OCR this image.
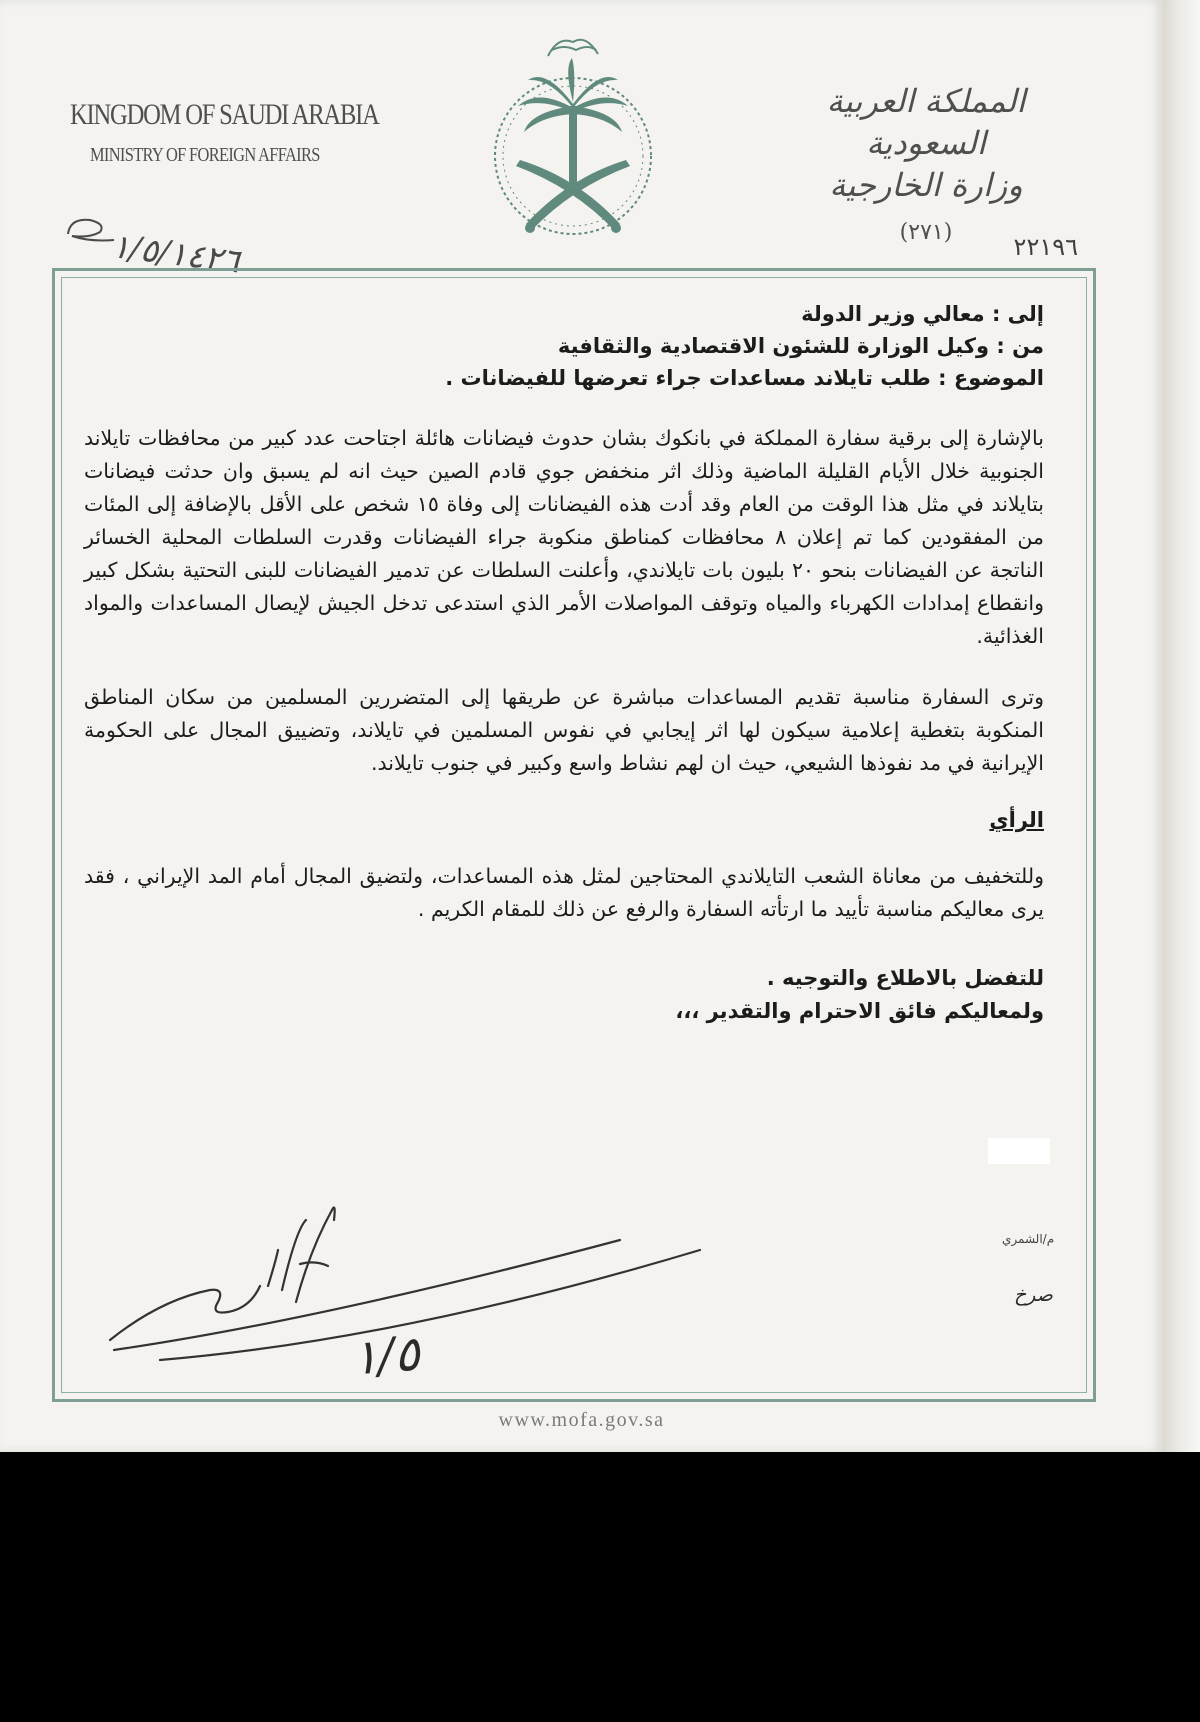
KINGDOM OF SAUDI ARABIA
MINISTRY OF FOREIGN AFFAIRS
المملكة العربية السعودية
وزارة الخارجية
(٢٧١)
٢٢١٩٦
١/٥/١٤٢٦

إلى : معالي وزير الدولة

من : وكيل الوزارة للشئون الاقتصادية والثقافية

الموضوع : طلب تايلاند مساعدات جراء تعرضها للفيضانات .

بالإشارة إلى برقية سفارة المملكة في بانكوك بشان حدوث فيضانات هائلة اجتاحت عدد كبير من محافظات تايلاند الجنوبية خلال الأيام القليلة الماضية وذلك اثر منخفض جوي قادم الصين حيث انه لم يسبق وان حدثت فيضانات بتايلاند في مثل هذا الوقت من العام وقد أدت هذه الفيضانات إلى وفاة ١٥ شخص على الأقل بالإضافة إلى المئات من المفقودين كما تم إعلان ٨ محافظات كمناطق منكوبة جراء الفيضانات وقدرت السلطات المحلية الخسائر الناتجة عن الفيضانات بنحو ٢٠ بليون بات تايلاندي، وأعلنت السلطات عن تدمير الفيضانات للبنى التحتية بشكل كبير وانقطاع إمدادات الكهرباء والمياه وتوقف المواصلات الأمر الذي استدعى تدخل الجيش لإيصال المساعدات والمواد الغذائية.

وترى السفارة مناسبة تقديم المساعدات مباشرة عن طريقها إلى المتضررين المسلمين من سكان المناطق المنكوبة بتغطية إعلامية سيكون لها اثر إيجابي في نفوس المسلمين في تايلاند، وتضييق المجال على الحكومة الإيرانية في مد نفوذها الشيعي، حيث ان لهم نشاط واسع وكبير في جنوب تايلاند.

الرأي

وللتخفيف من معاناة الشعب التايلاندي المحتاجين لمثل هذه المساعدات، ولتضيق المجال أمام المد الإيراني ، فقد يرى معاليكم مناسبة تأييد ما ارتأته السفارة والرفع عن ذلك للمقام الكريم .

للتفضل بالاطلاع والتوجيه .

ولمعاليكم فائق الاحترام والتقدير ،،،

م/الشمري
صرخ
١/٥
www.mofa.gov.sa
